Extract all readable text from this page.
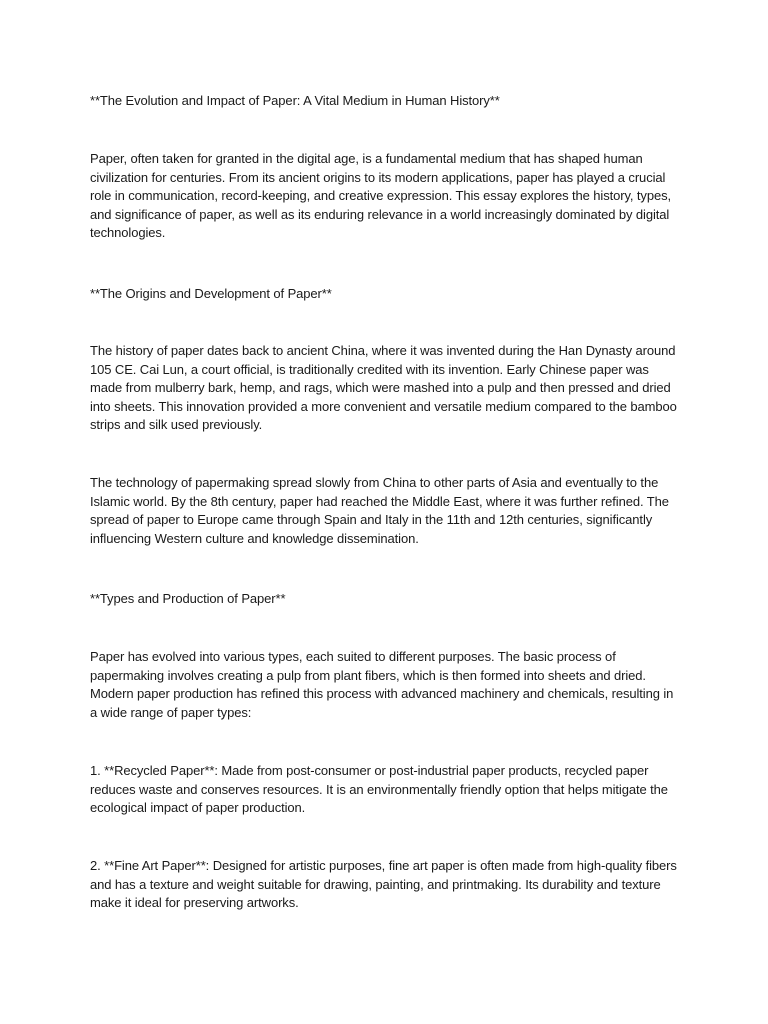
**The Evolution and Impact of Paper: A Vital Medium in Human History**

Paper, often taken for granted in the digital age, is a fundamental medium that has shaped human civilization for centuries. From its ancient origins to its modern applications, paper has played a crucial role in communication, record-keeping, and creative expression. This essay explores the history, types, and significance of paper, as well as its enduring relevance in a world increasingly dominated by digital technologies.

**The Origins and Development of Paper**

The history of paper dates back to ancient China, where it was invented during the Han Dynasty around 105 CE. Cai Lun, a court official, is traditionally credited with its invention. Early Chinese paper was made from mulberry bark, hemp, and rags, which were mashed into a pulp and then pressed and dried into sheets. This innovation provided a more convenient and versatile medium compared to the bamboo strips and silk used previously.

The technology of papermaking spread slowly from China to other parts of Asia and eventually to the Islamic world. By the 8th century, paper had reached the Middle East, where it was further refined. The spread of paper to Europe came through Spain and Italy in the 11th and 12th centuries, significantly influencing Western culture and knowledge dissemination.

**Types and Production of Paper**

Paper has evolved into various types, each suited to different purposes. The basic process of papermaking involves creating a pulp from plant fibers, which is then formed into sheets and dried. Modern paper production has refined this process with advanced machinery and chemicals, resulting in a wide range of paper types:

1. **Recycled Paper**: Made from post-consumer or post-industrial paper products, recycled paper reduces waste and conserves resources. It is an environmentally friendly option that helps mitigate the ecological impact of paper production.

2. **Fine Art Paper**: Designed for artistic purposes, fine art paper is often made from high-quality fibers and has a texture and weight suitable for drawing, painting, and printmaking. Its durability and texture make it ideal for preserving artworks.
